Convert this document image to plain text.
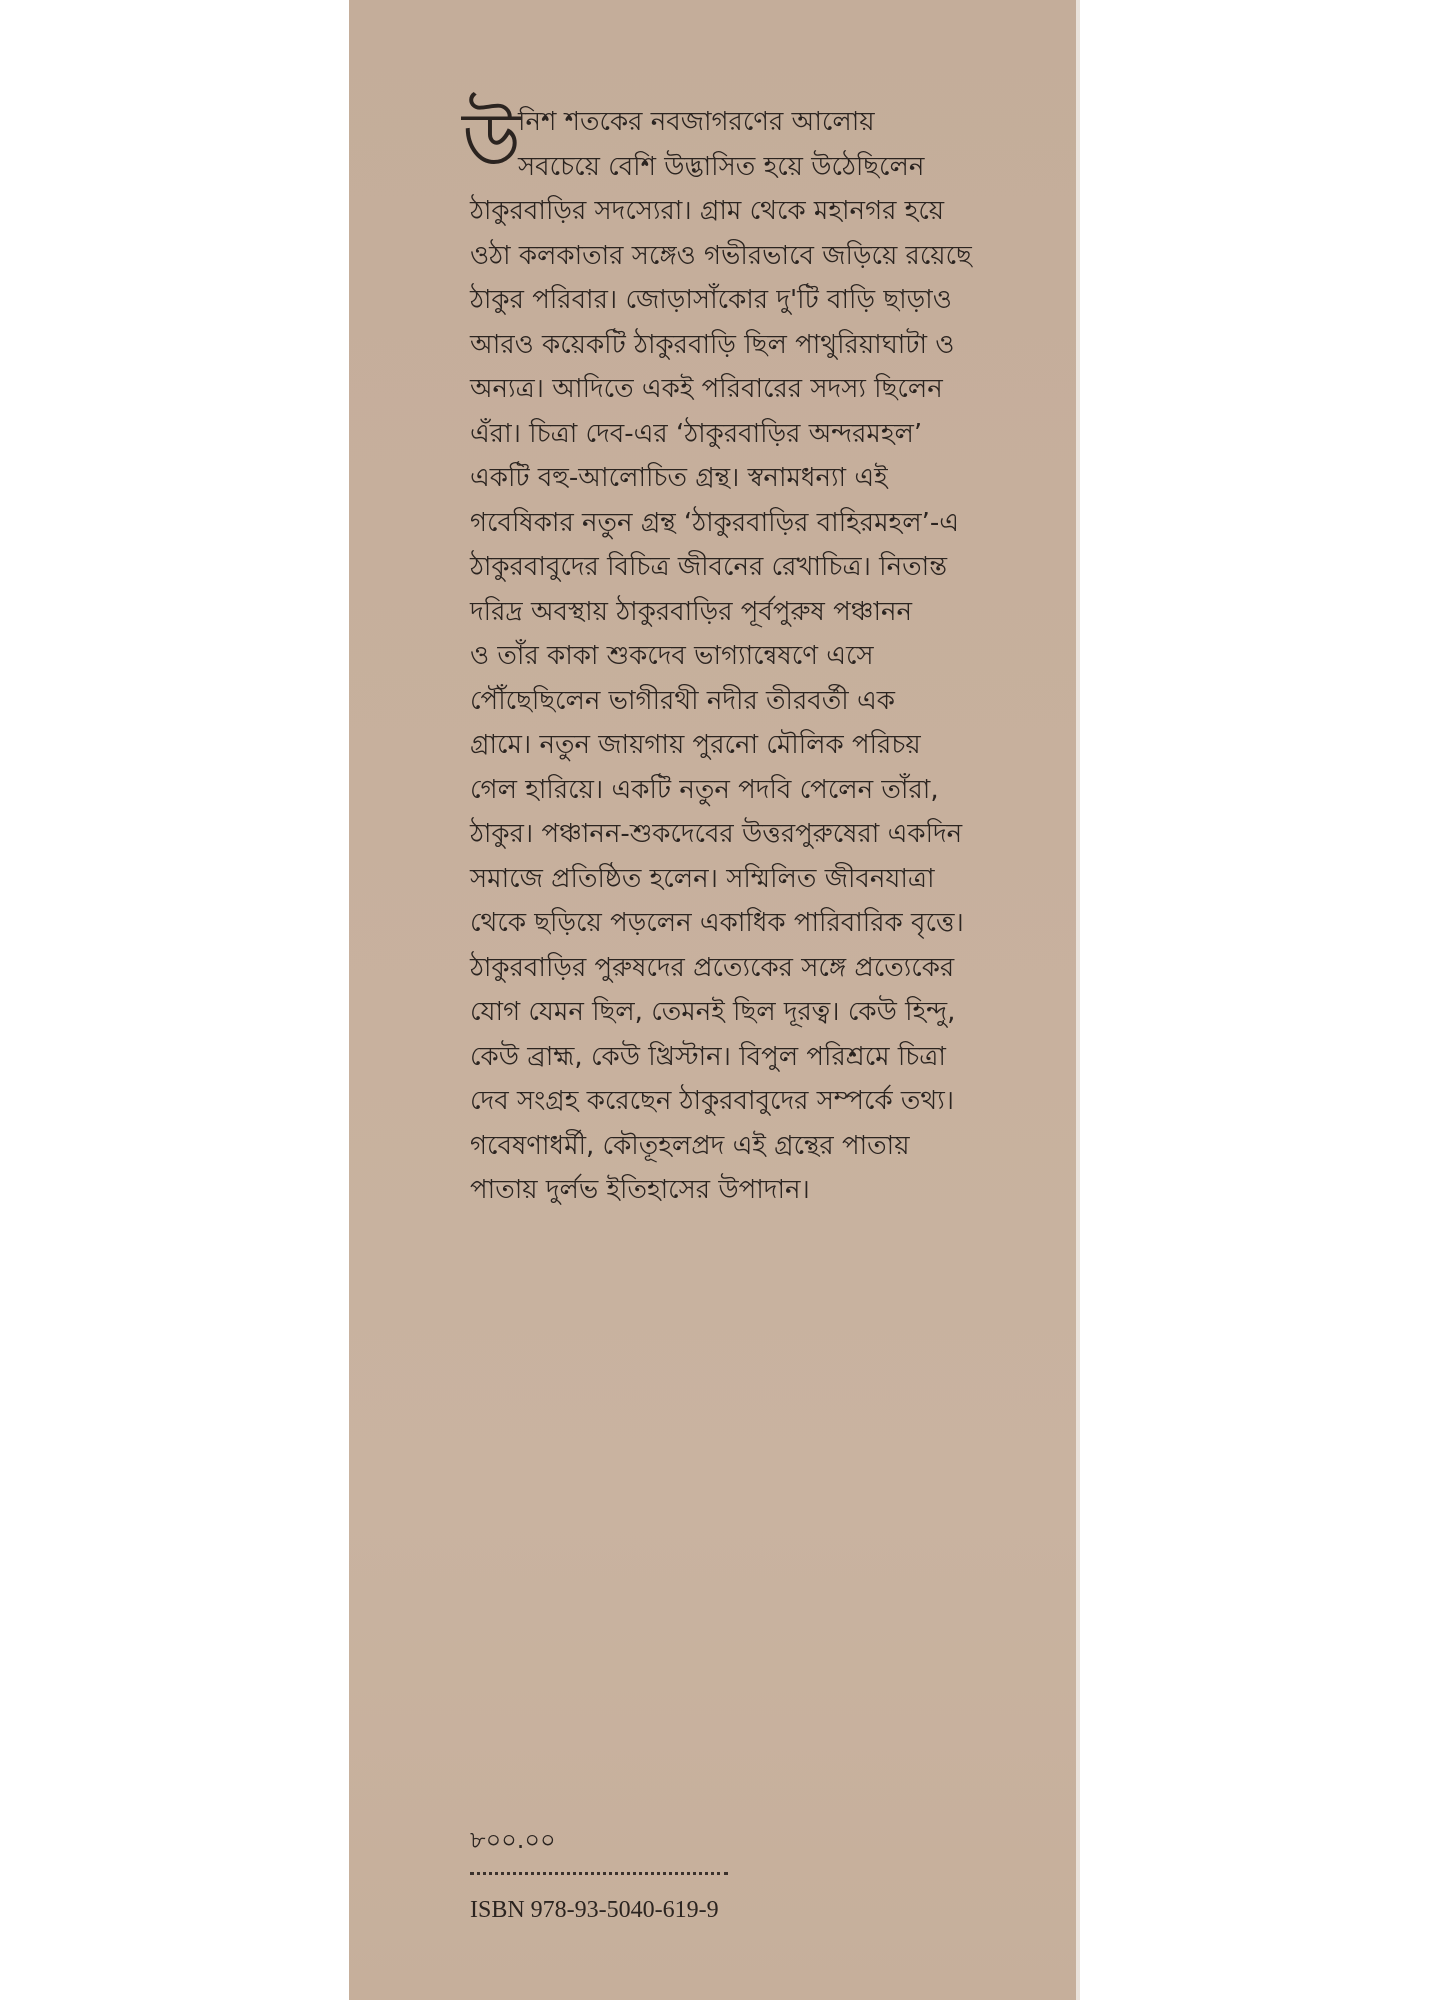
উ
নিশ শতকের নবজাগরণের আলোয়
সবচেয়ে বেশি উদ্ভাসিত হয়ে উঠেছিলেন
ঠাকুরবাড়ির সদস্যেরা। গ্রাম থেকে মহানগর হয়ে
ওঠা কলকাতার সঙ্গেও গভীরভাবে জড়িয়ে রয়েছে
ঠাকুর পরিবার। জোড়াসাঁকোর দু'টি বাড়ি ছাড়াও
আরও কয়েকটি ঠাকুরবাড়ি ছিল পাথুরিয়াঘাটা ও
অন্যত্র। আদিতে একই পরিবারের সদস্য ছিলেন
এঁরা। চিত্রা দেব-এর ‘ঠাকুরবাড়ির অন্দরমহল’
একটি বহু-আলোচিত গ্রন্থ। স্বনামধন্যা এই
গবেষিকার নতুন গ্রন্থ ‘ঠাকুরবাড়ির বাহিরমহল’-এ
ঠাকুরবাবুদের বিচিত্র জীবনের রেখাচিত্র। নিতান্ত
দরিদ্র অবস্থায় ঠাকুরবাড়ির পূর্বপুরুষ পঞ্চানন
ও তাঁর কাকা শুকদেব ভাগ্যান্বেষণে এসে
পৌঁছেছিলেন ভাগীরথী নদীর তীরবর্তী এক
গ্রামে। নতুন জায়গায় পুরনো মৌলিক পরিচয়
গেল হারিয়ে। একটি নতুন পদবি পেলেন তাঁরা,
ঠাকুর। পঞ্চানন-শুকদেবের উত্তরপুরুষেরা একদিন
সমাজে প্রতিষ্ঠিত হলেন। সম্মিলিত জীবনযাত্রা
থেকে ছড়িয়ে পড়লেন একাধিক পারিবারিক বৃত্তে।
ঠাকুরবাড়ির পুরুষদের প্রত্যেকের সঙ্গে প্রত্যেকের
যোগ যেমন ছিল, তেমনই ছিল দূরত্ব। কেউ হিন্দু,
কেউ ব্রাহ্ম, কেউ খ্রিস্টান। বিপুল পরিশ্রমে চিত্রা
দেব সংগ্রহ করেছেন ঠাকুরবাবুদের সম্পর্কে তথ্য।
গবেষণাধর্মী, কৌতূহলপ্রদ এই গ্রন্থের পাতায়
পাতায় দুর্লভ ইতিহাসের উপাদান।
৮০০.০০
ISBN 978-93-5040-619-9
